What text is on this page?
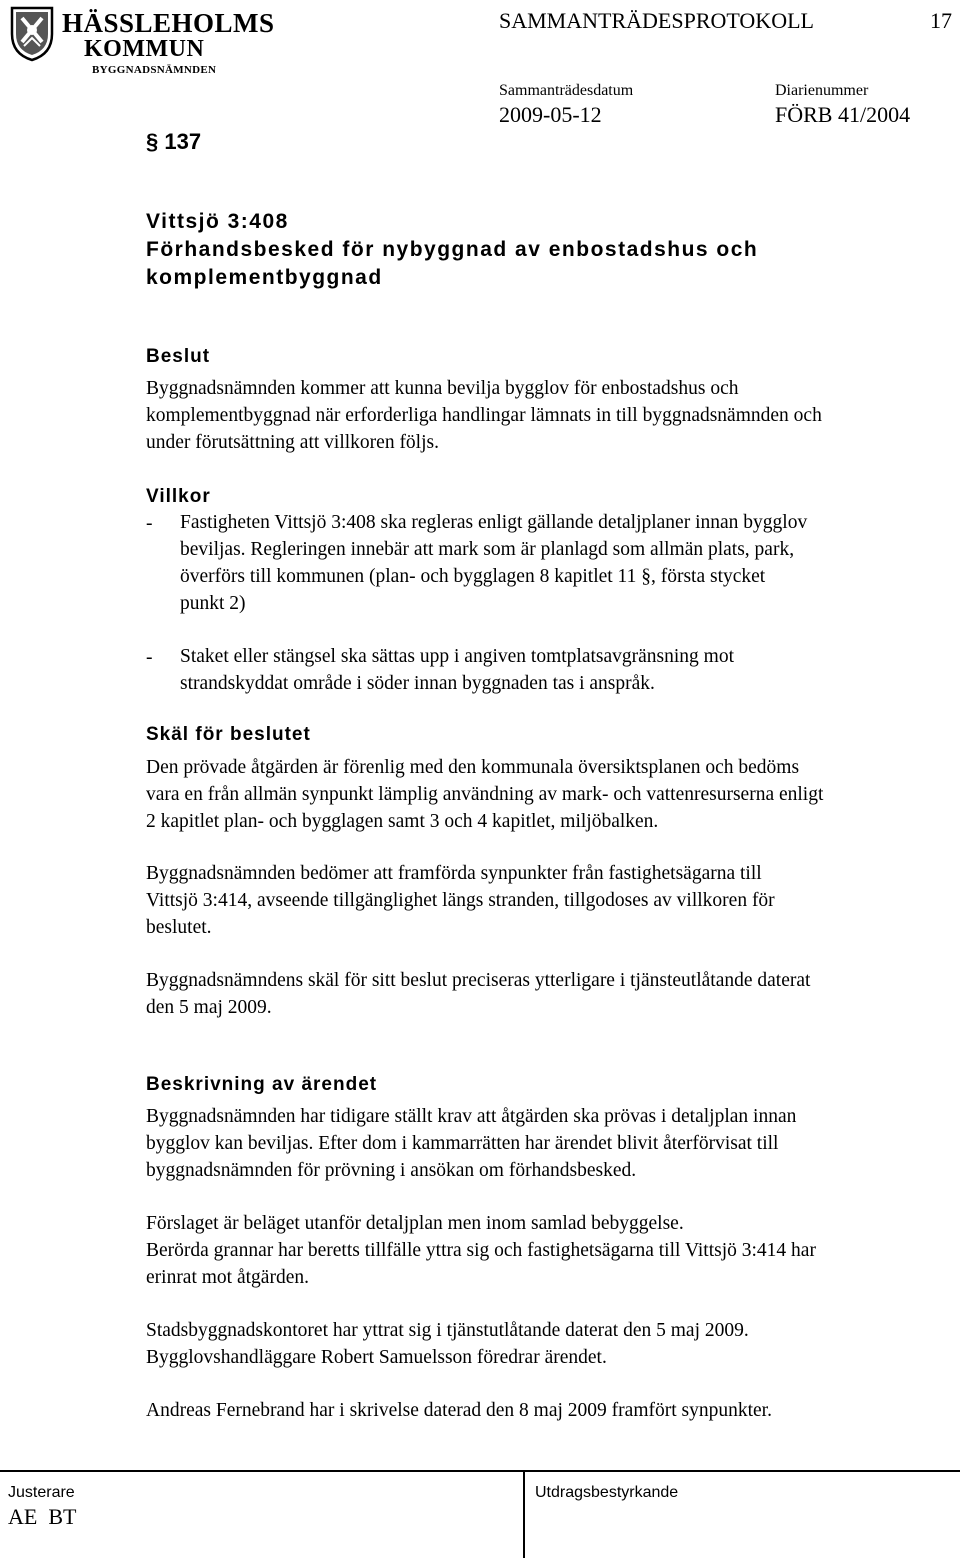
HÄSSLEHOLMS
KOMMUN
BYGGNADSNÄMNDEN
SAMMANTRÄDESPROTOKOLL	17
Sammanträdesdatum	Diarienummer
2009-05-12	FÖRB 41/2004
§ 137
Vittsjö 3:408
Förhandsbesked för nybyggnad av enbostadshus och
komplementbyggnad
Beslut
Byggnadsnämnden kommer att kunna bevilja bygglov för enbostadshus och
komplementbyggnad när erforderliga handlingar lämnats in till byggnadsnämnden och
under förutsättning att villkoren följs.
Villkor
- Fastigheten Vittsjö 3:408 ska regleras enligt gällande detaljplaner innan bygglov
beviljas. Regleringen innebär att mark som är planlagd som allmän plats, park,
överförs till kommunen (plan- och bygglagen 8 kapitlet 11 §, första stycket
punkt 2)
- Staket eller stängsel ska sättas upp i angiven tomtplatsavgränsning mot
strandskyddat område i söder innan byggnaden tas i anspråk.
Skäl för beslutet
Den prövade åtgärden är förenlig med den kommunala översiktsplanen och bedöms
vara en från allmän synpunkt lämplig användning av mark- och vattenresurserna enligt
2 kapitlet plan- och bygglagen samt 3 och 4 kapitlet, miljöbalken.
Byggnadsnämnden bedömer att framförda synpunkter från fastighetsägarna till
Vittsjö 3:414, avseende tillgänglighet längs stranden, tillgodoses av villkoren för
beslutet.
Byggnadsnämndens skäl för sitt beslut preciseras ytterligare i tjänsteutlåtande daterat
den 5 maj 2009.
Beskrivning av ärendet
Byggnadsnämnden har tidigare ställt krav att åtgärden ska prövas i detaljplan innan
bygglov kan beviljas. Efter dom i kammarrätten har ärendet blivit återförvisat till
byggnadsnämnden för prövning i ansökan om förhandsbesked.
Förslaget är beläget utanför detaljplan men inom samlad bebyggelse.
Berörda grannar har beretts tillfälle yttra sig och fastighetsägarna till Vittsjö 3:414 har
erinrat mot åtgärden.
Stadsbyggnadskontoret har yttrat sig i tjänstutlåtande daterat den 5 maj 2009.
Bygglovshandläggare Robert Samuelsson föredrar ärendet.
Andreas Fernebrand har i skrivelse daterad den 8 maj 2009 framfört synpunkter.
Justerare
AE  BT
Utdragsbestyrkande
